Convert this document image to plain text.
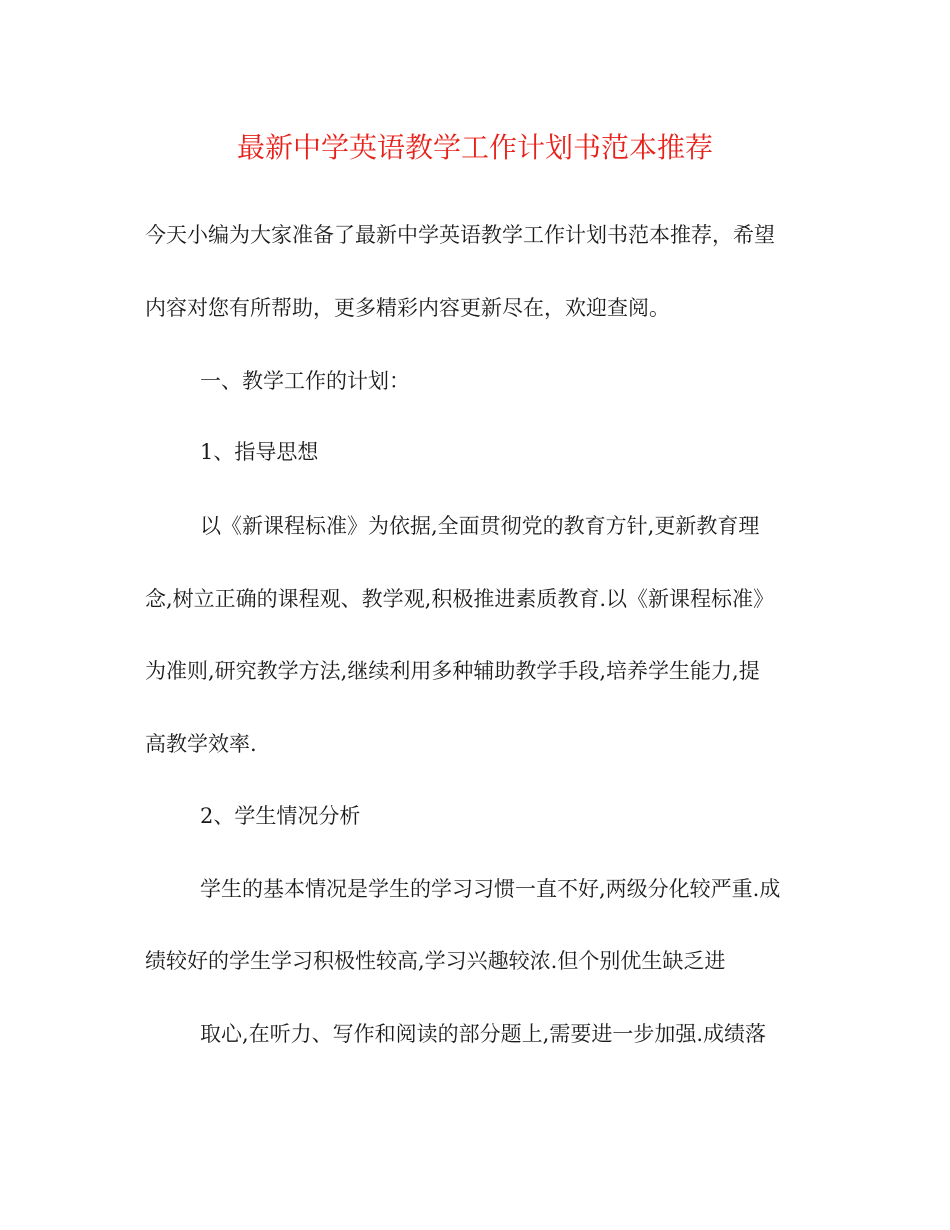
最新中学英语教学工作计划书范本推荐
今天小编为大家准备了最新中学英语教学工作计划书范本推荐，希望
内容对您有所帮助，更多精彩内容更新尽在，欢迎查阅。
一、教学工作的计划：
1、指导思想
以《新课程标准》为依据,全面贯彻党的教育方针,更新教育理
念,树立正确的课程观、教学观,积极推进素质教育.以《新课程标准》
为准则,研究教学方法,继续利用多种辅助教学手段,培养学生能力,提
高教学效率.
2、学生情况分析
学生的基本情况是学生的学习习惯一直不好,两级分化较严重.成
绩较好的学生学习积极性较高,学习兴趣较浓.但个别优生缺乏进
取心,在听力、写作和阅读的部分题上,需要进一步加强.成绩落
